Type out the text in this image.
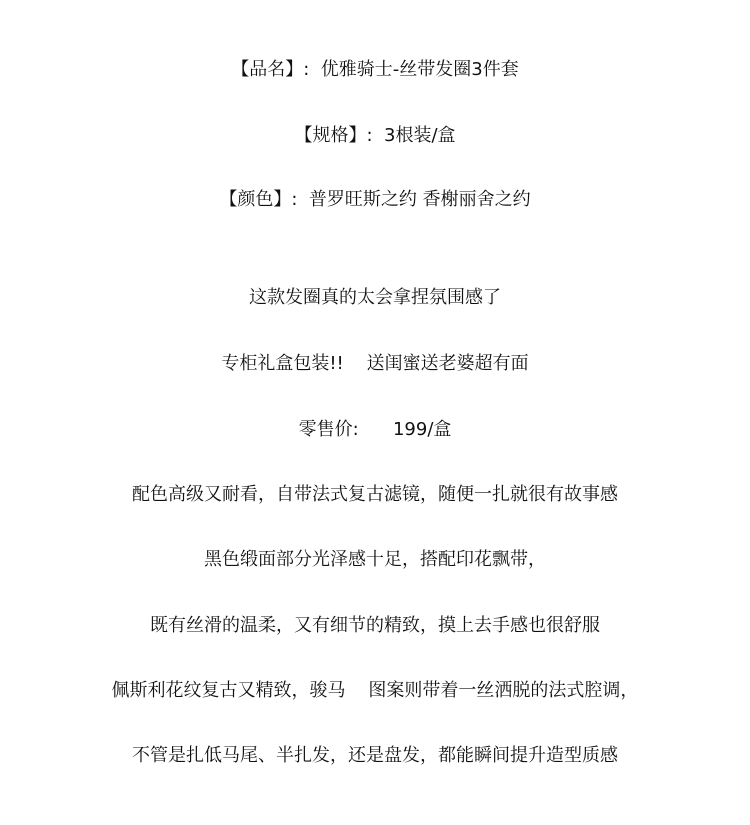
【品名】:  优雅骑士-丝带发圈3件套
【规格】:  3根装/盒
【颜色】:  普罗旺斯之约 香榭丽舍之约
这款发圈真的太会拿捏氛围感了
专柜礼盒包装!!    送闺蜜送老婆超有面
零售价:      199/盒
配色高级又耐看，自带法式复古滤镜，随便一扎就很有故事感
黑色缎面部分光泽感十足，搭配印花飘带，
既有丝滑的温柔，又有细节的精致，摸上去手感也很舒服
佩斯利花纹复古又精致，骏马    图案则带着一丝洒脱的法式腔调，
不管是扎低马尾、半扎发，还是盘发，都能瞬间提升造型质感
